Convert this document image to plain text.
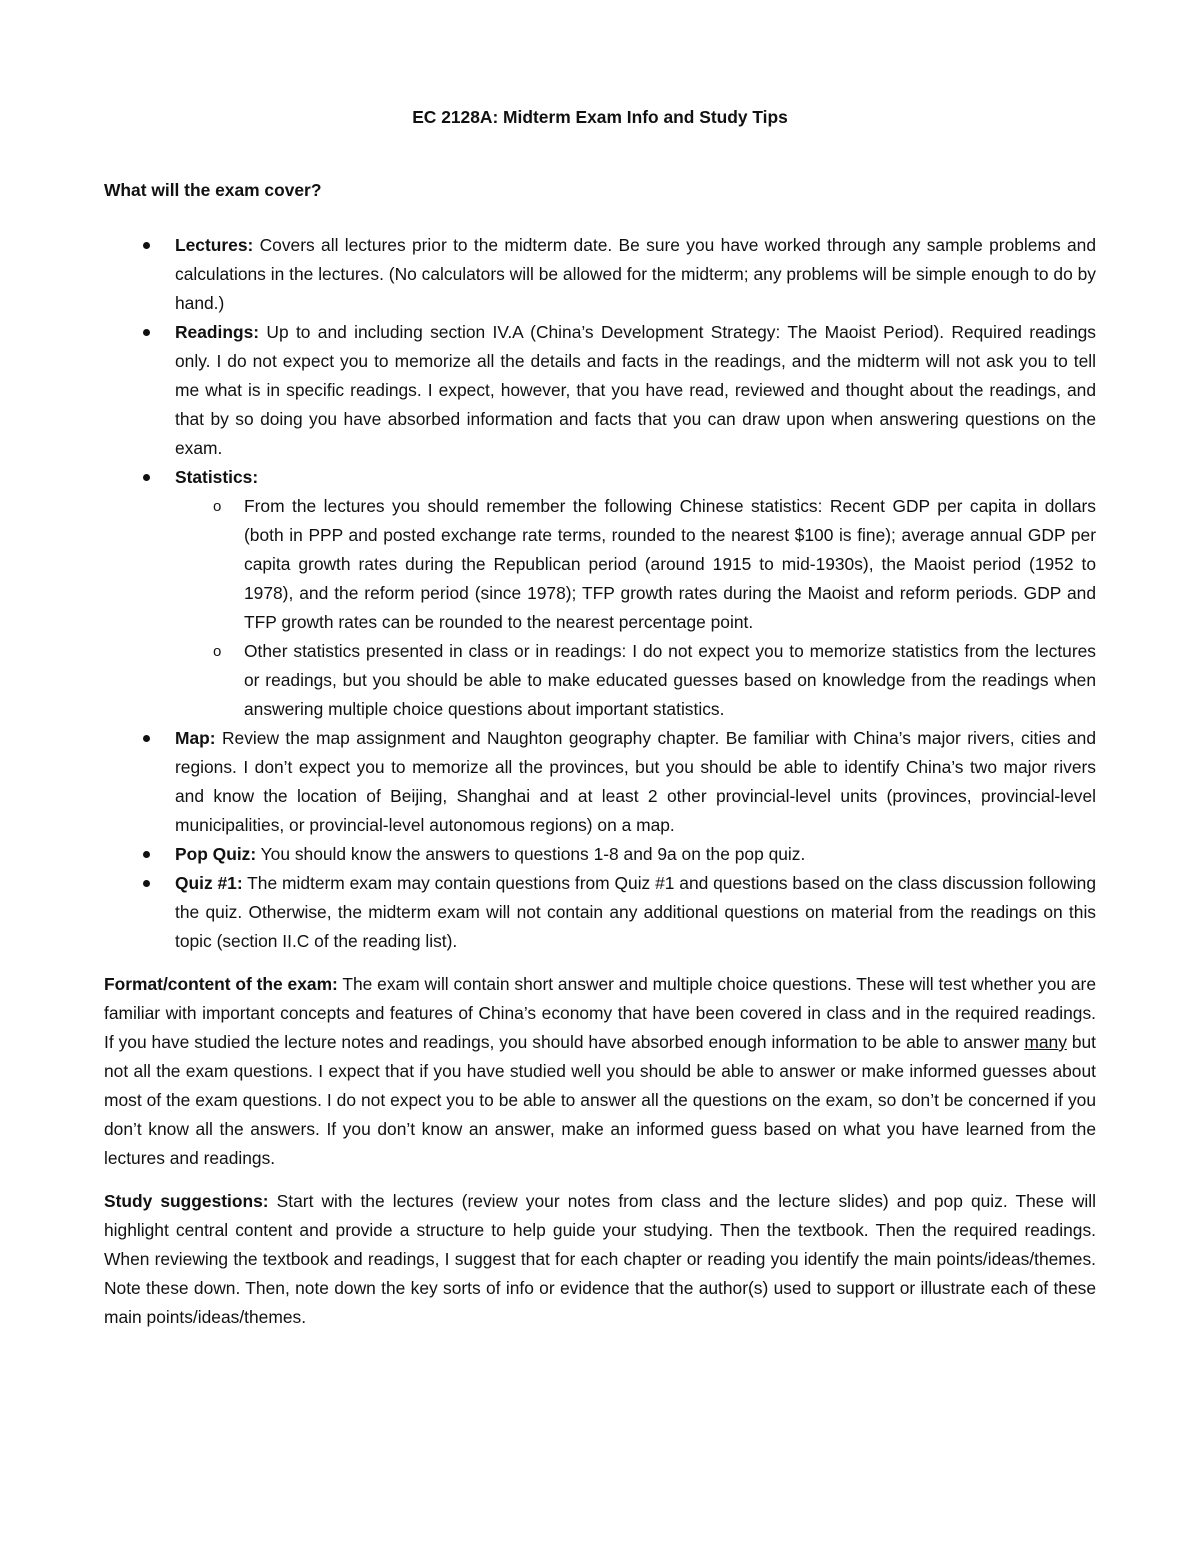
EC 2128A: Midterm Exam Info and Study Tips
What will the exam cover?
Lectures: Covers all lectures prior to the midterm date. Be sure you have worked through any sample problems and calculations in the lectures. (No calculators will be allowed for the midterm; any problems will be simple enough to do by hand.)
Readings: Up to and including section IV.A (China’s Development Strategy: The Maoist Period). Required readings only. I do not expect you to memorize all the details and facts in the readings, and the midterm will not ask you to tell me what is in specific readings. I expect, however, that you have read, reviewed and thought about the readings, and that by so doing you have absorbed information and facts that you can draw upon when answering questions on the exam.
Statistics:
o From the lectures you should remember the following Chinese statistics: Recent GDP per capita in dollars (both in PPP and posted exchange rate terms, rounded to the nearest $100 is fine); average annual GDP per capita growth rates during the Republican period (around 1915 to mid-1930s), the Maoist period (1952 to 1978), and the reform period (since 1978); TFP growth rates during the Maoist and reform periods. GDP and TFP growth rates can be rounded to the nearest percentage point.
o Other statistics presented in class or in readings: I do not expect you to memorize statistics from the lectures or readings, but you should be able to make educated guesses based on knowledge from the readings when answering multiple choice questions about important statistics.
Map: Review the map assignment and Naughton geography chapter. Be familiar with China’s major rivers, cities and regions. I don’t expect you to memorize all the provinces, but you should be able to identify China’s two major rivers and know the location of Beijing, Shanghai and at least 2 other provincial-level units (provinces, provincial-level municipalities, or provincial-level autonomous regions) on a map.
Pop Quiz: You should know the answers to questions 1-8 and 9a on the pop quiz.
Quiz #1: The midterm exam may contain questions from Quiz #1 and questions based on the class discussion following the quiz. Otherwise, the midterm exam will not contain any additional questions on material from the readings on this topic (section II.C of the reading list).

Format/content of the exam: The exam will contain short answer and multiple choice questions. These will test whether you are familiar with important concepts and features of China’s economy that have been covered in class and in the required readings. If you have studied the lecture notes and readings, you should have absorbed enough information to be able to answer many but not all the exam questions. I expect that if you have studied well you should be able to answer or make informed guesses about most of the exam questions. I do not expect you to be able to answer all the questions on the exam, so don’t be concerned if you don’t know all the answers. If you don’t know an answer, make an informed guess based on what you have learned from the lectures and readings.

Study suggestions: Start with the lectures (review your notes from class and the lecture slides) and pop quiz. These will highlight central content and provide a structure to help guide your studying. Then the textbook. Then the required readings. When reviewing the textbook and readings, I suggest that for each chapter or reading you identify the main points/ideas/themes. Note these down. Then, note down the key sorts of info or evidence that the author(s) used to support or illustrate each of these main points/ideas/themes.
